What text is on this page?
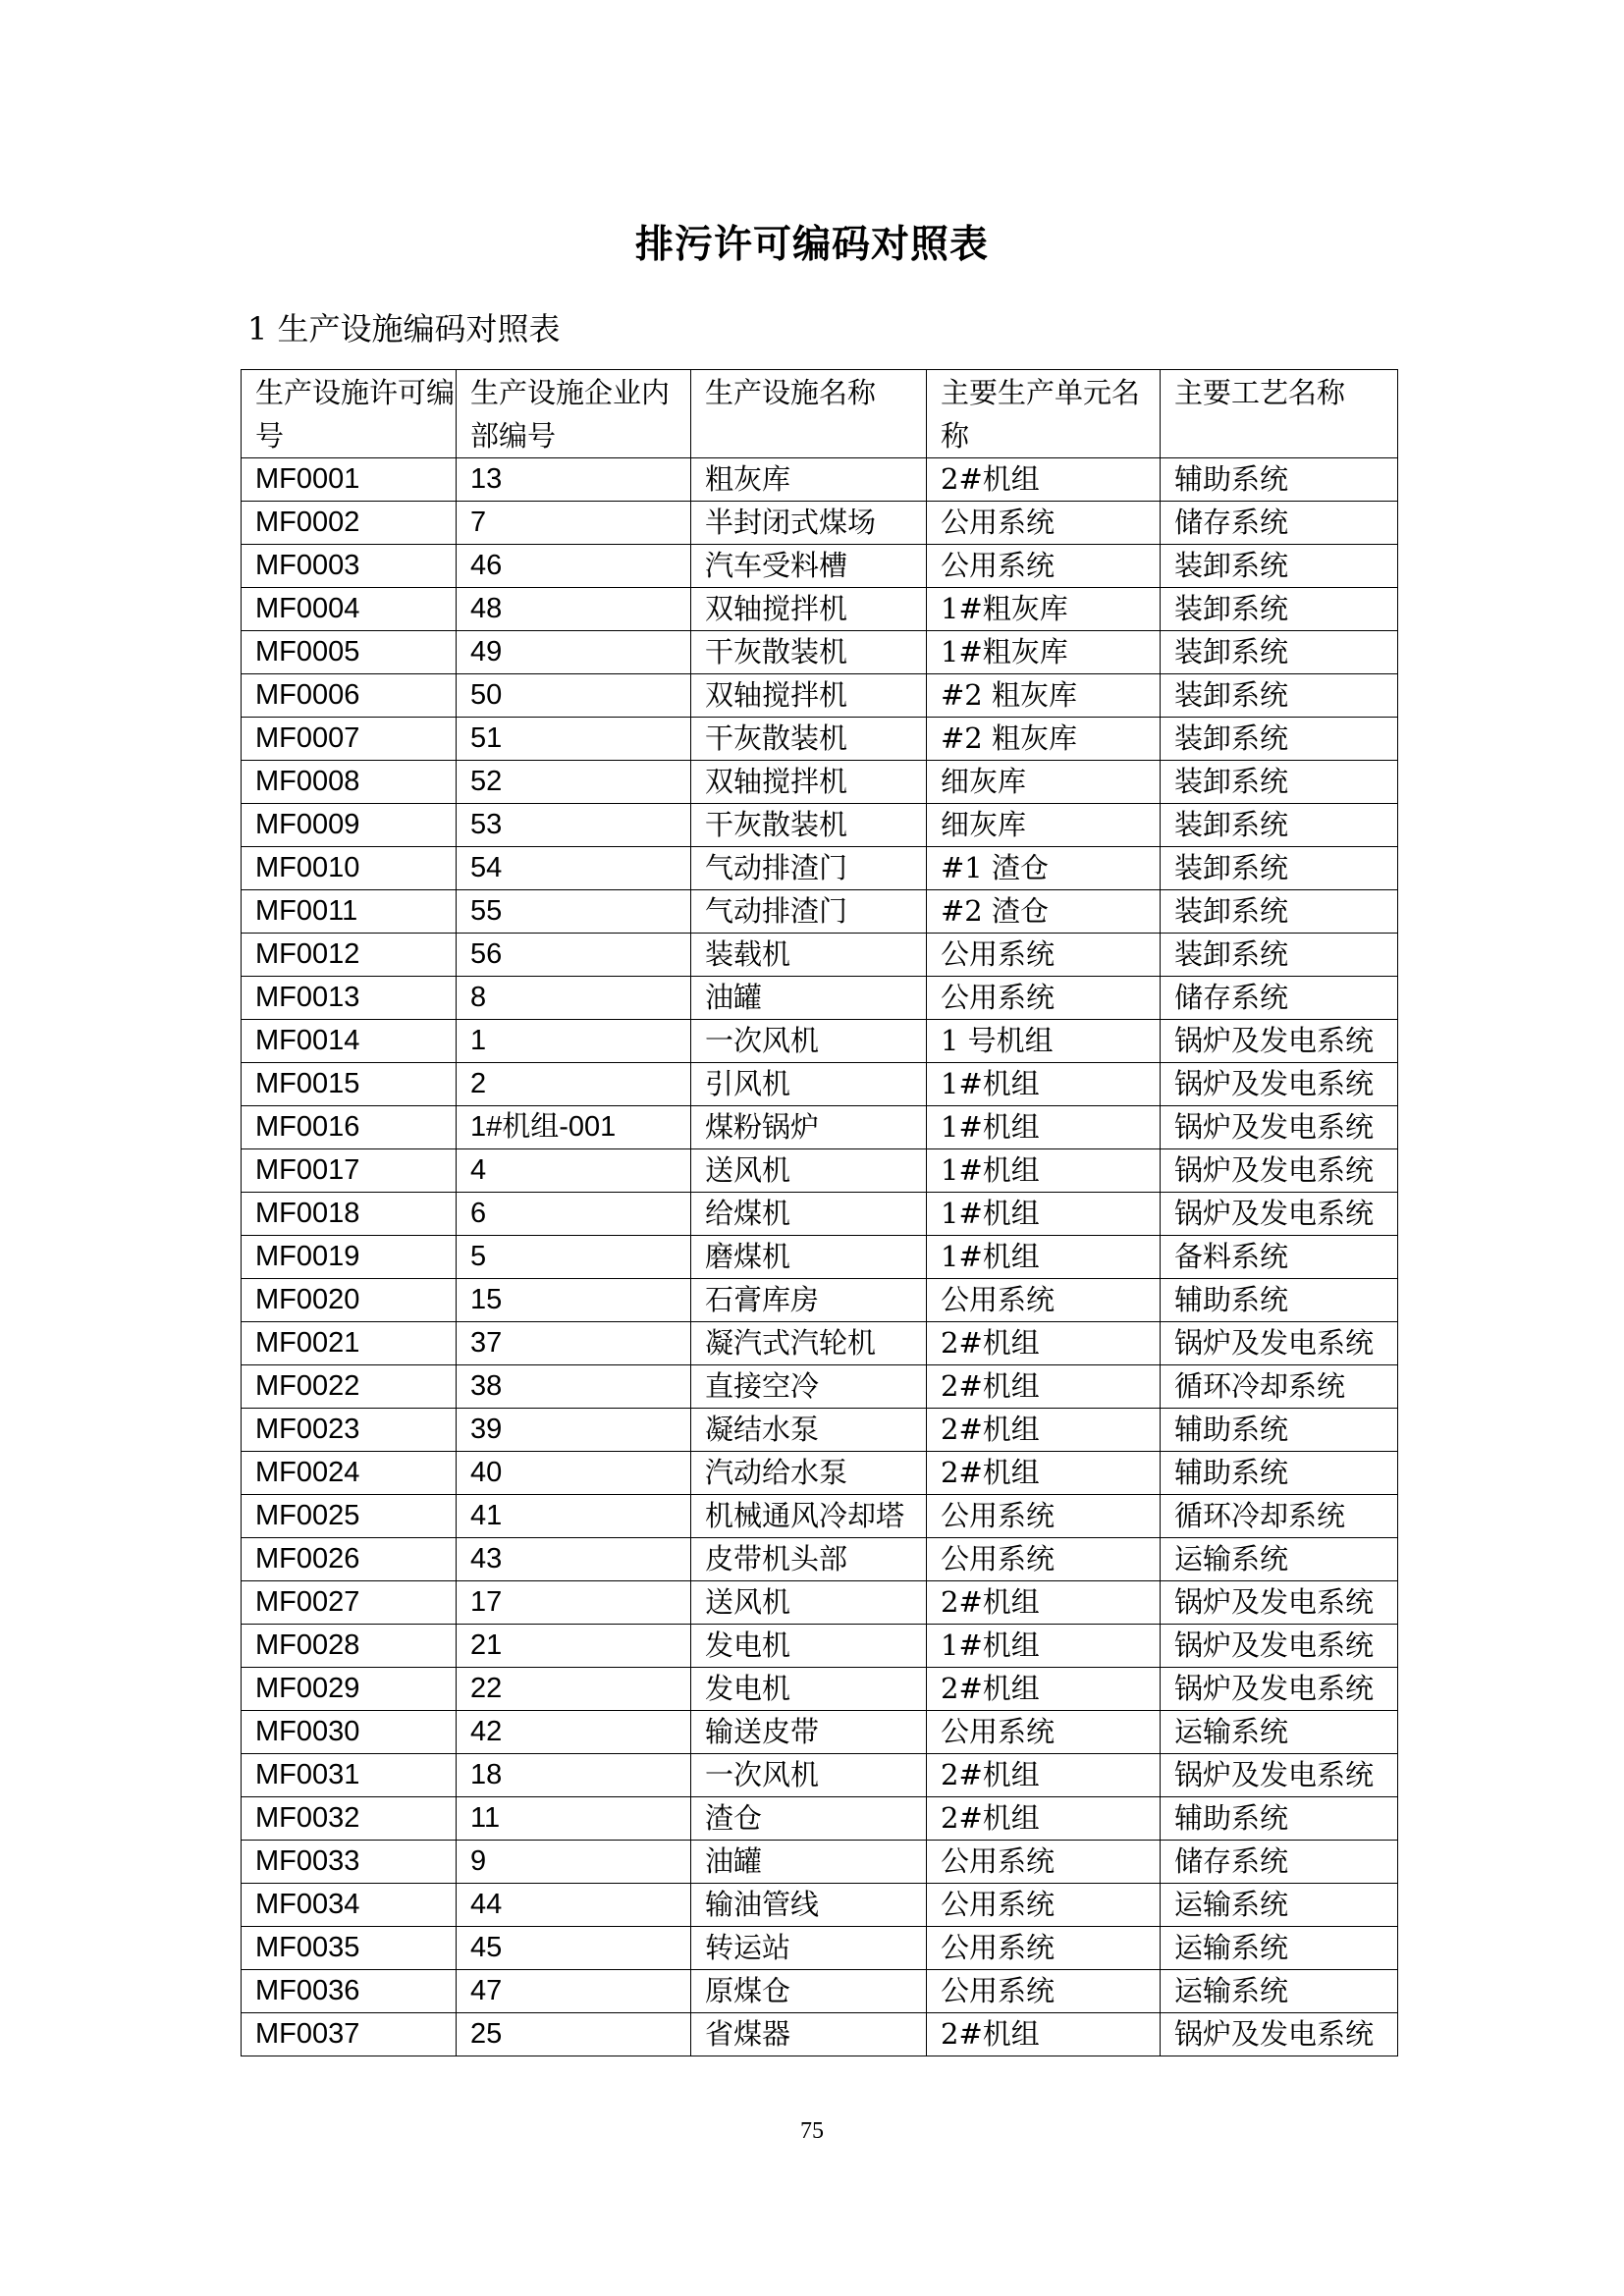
排污许可编码对照表
1 生产设施编码对照表
生产设施许可编号	生产设施企业内部编号	生产设施名称	主要生产单元名称	主要工艺名称
MF0001	13	粗灰库	2#机组	辅助系统
MF0002	7	半封闭式煤场	公用系统	储存系统
MF0003	46	汽车受料槽	公用系统	装卸系统
MF0004	48	双轴搅拌机	1#粗灰库	装卸系统
MF0005	49	干灰散装机	1#粗灰库	装卸系统
MF0006	50	双轴搅拌机	#2 粗灰库	装卸系统
MF0007	51	干灰散装机	#2 粗灰库	装卸系统
MF0008	52	双轴搅拌机	细灰库	装卸系统
MF0009	53	干灰散装机	细灰库	装卸系统
MF0010	54	气动排渣门	#1 渣仓	装卸系统
MF0011	55	气动排渣门	#2 渣仓	装卸系统
MF0012	56	装载机	公用系统	装卸系统
MF0013	8	油罐	公用系统	储存系统
MF0014	1	一次风机	1 号机组	锅炉及发电系统
MF0015	2	引风机	1#机组	锅炉及发电系统
MF0016	1#机组-001	煤粉锅炉	1#机组	锅炉及发电系统
MF0017	4	送风机	1#机组	锅炉及发电系统
MF0018	6	给煤机	1#机组	锅炉及发电系统
MF0019	5	磨煤机	1#机组	备料系统
MF0020	15	石膏库房	公用系统	辅助系统
MF0021	37	凝汽式汽轮机	2#机组	锅炉及发电系统
MF0022	38	直接空冷	2#机组	循环冷却系统
MF0023	39	凝结水泵	2#机组	辅助系统
MF0024	40	汽动给水泵	2#机组	辅助系统
MF0025	41	机械通风冷却塔	公用系统	循环冷却系统
MF0026	43	皮带机头部	公用系统	运输系统
MF0027	17	送风机	2#机组	锅炉及发电系统
MF0028	21	发电机	1#机组	锅炉及发电系统
MF0029	22	发电机	2#机组	锅炉及发电系统
MF0030	42	输送皮带	公用系统	运输系统
MF0031	18	一次风机	2#机组	锅炉及发电系统
MF0032	11	渣仓	2#机组	辅助系统
MF0033	9	油罐	公用系统	储存系统
MF0034	44	输油管线	公用系统	运输系统
MF0035	45	转运站	公用系统	运输系统
MF0036	47	原煤仓	公用系统	运输系统
MF0037	25	省煤器	2#机组	锅炉及发电系统
75
